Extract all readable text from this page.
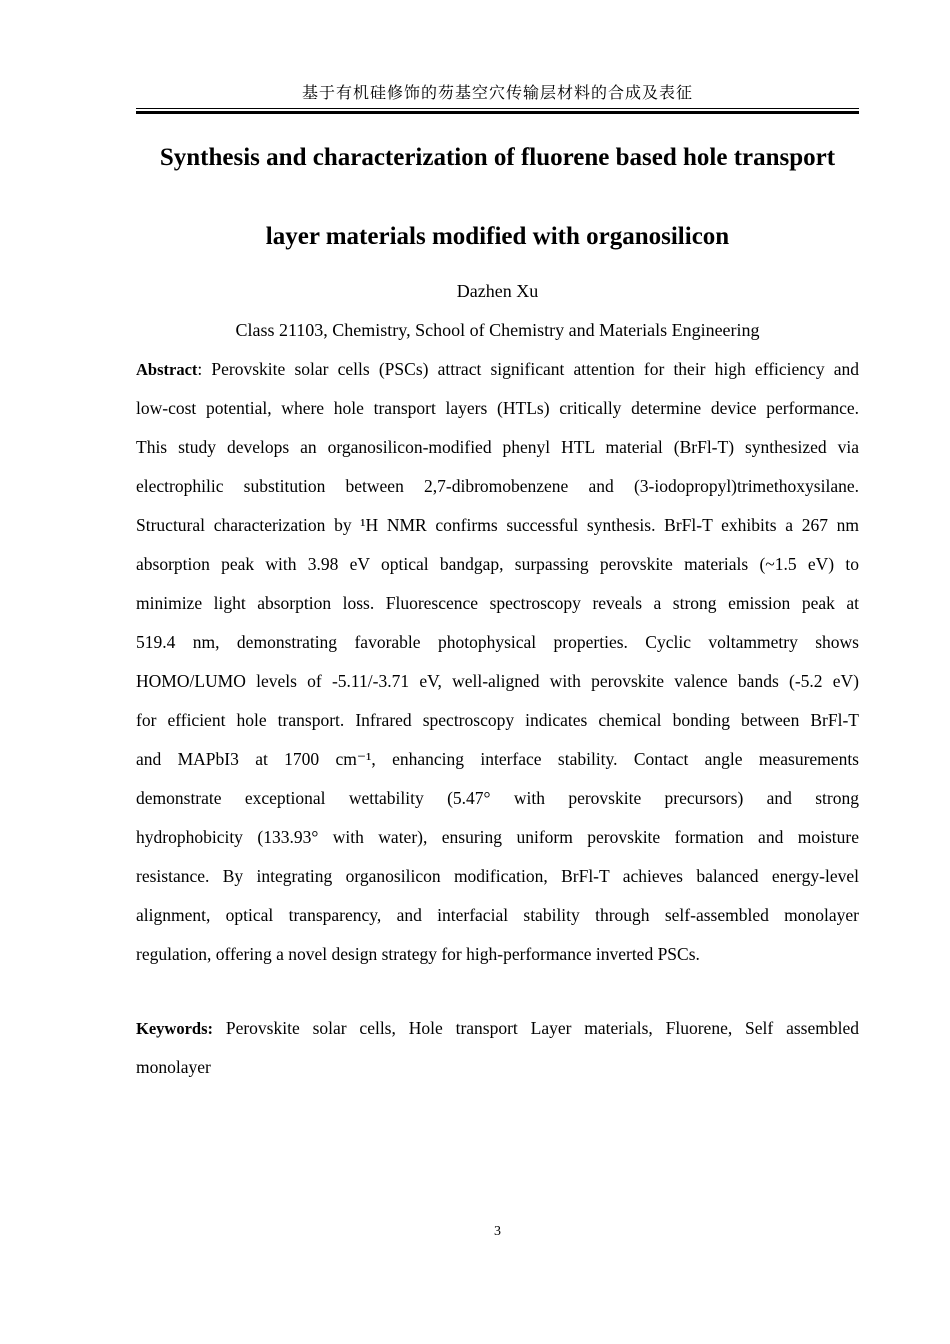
基于有机硅修饰的芴基空穴传输层材料的合成及表征
Synthesis and characterization of fluorene based hole transport
layer materials modified with organosilicon
Dazhen Xu
Class 21103, Chemistry, School of Chemistry and Materials Engineering
Abstract: Perovskite solar cells (PSCs) attract significant attention for their high efficiency and
low-cost potential, where hole transport layers (HTLs) critically determine device performance.
This study develops an organosilicon-modified phenyl HTL material (BrFl-T) synthesized via
electrophilic substitution between 2,7-dibromobenzene and (3-iodopropyl)trimethoxysilane.
Structural characterization by ¹H NMR confirms successful synthesis. BrFl-T exhibits a 267 nm
absorption peak with 3.98 eV optical bandgap, surpassing perovskite materials (~1.5 eV) to
minimize light absorption loss. Fluorescence spectroscopy reveals a strong emission peak at
519.4 nm, demonstrating favorable photophysical properties. Cyclic voltammetry shows
HOMO/LUMO levels of -5.11/-3.71 eV, well-aligned with perovskite valence bands (-5.2 eV)
for efficient hole transport. Infrared spectroscopy indicates chemical bonding between BrFl-T
and MAPbI3 at 1700 cm⁻¹, enhancing interface stability. Contact angle measurements
demonstrate exceptional wettability (5.47° with perovskite precursors) and strong
hydrophobicity (133.93° with water), ensuring uniform perovskite formation and moisture
resistance. By integrating organosilicon modification, BrFl-T achieves balanced energy-level
alignment, optical transparency, and interfacial stability through self-assembled monolayer
regulation, offering a novel design strategy for high-performance inverted PSCs.
Keywords: Perovskite solar cells, Hole transport Layer materials, Fluorene, Self assembled
monolayer
3
